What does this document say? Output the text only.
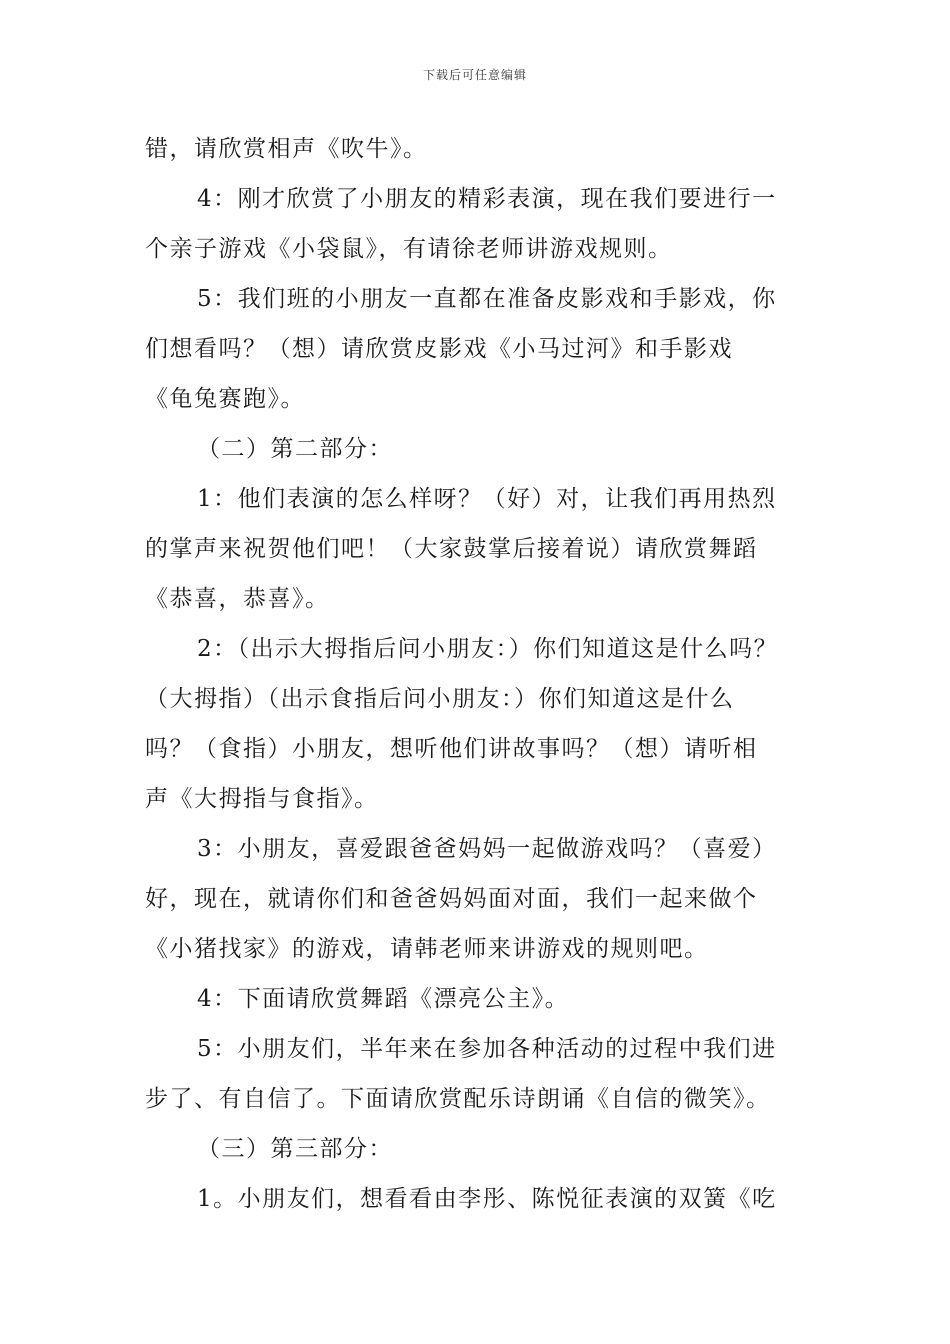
下载后可任意编辑
错，请欣赏相声《吹牛》。
4：刚才欣赏了小朋友的精彩表演，现在我们要进行一
个亲子游戏《小袋鼠》，有请徐老师讲游戏规则。
5：我们班的小朋友一直都在准备皮影戏和手影戏，你
们想看吗？（想）请欣赏皮影戏《小马过河》和手影戏
《龟兔赛跑》。
（二）第二部分：
1：他们表演的怎么样呀？（好）对，让我们再用热烈
的掌声来祝贺他们吧！（大家鼓掌后接着说）请欣赏舞蹈
《恭喜，恭喜》。
2：（出示大拇指后问小朋友：）你们知道这是什么吗？
（大拇指）（出示食指后问小朋友：）你们知道这是什么
吗？（食指）小朋友，想听他们讲故事吗？（想）请听相
声《大拇指与食指》。
3：小朋友，喜爱跟爸爸妈妈一起做游戏吗？（喜爱）
好，现在，就请你们和爸爸妈妈面对面，我们一起来做个
《小猪找家》的游戏，请韩老师来讲游戏的规则吧。
4：下面请欣赏舞蹈《漂亮公主》。
5：小朋友们，半年来在参加各种活动的过程中我们进
步了、有自信了。下面请欣赏配乐诗朗诵《自信的微笑》。
（三）第三部分：
1。小朋友们，想看看由李彤、陈悦征表演的双簧《吃
